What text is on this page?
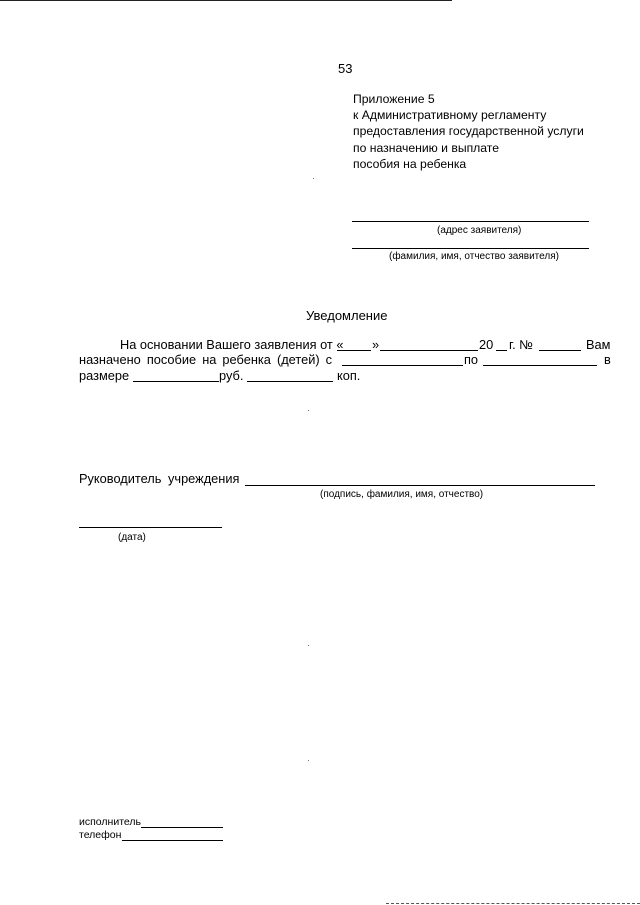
53
Приложение 5
к Административному регламенту
предоставления государственной услуги
по назначению и выплате
пособия на ребенка
(адрес заявителя)
(фамилия, имя, отчество заявителя)
Уведомление
На основании Вашего заявления от « »	20 г. №	Вам
назначено пособие на ребенка (детей) с	по	в
размере	руб.	коп.
Руководитель учреждения
(подпись, фамилия, имя, отчество)
(дата)
исполнитель
телефон
